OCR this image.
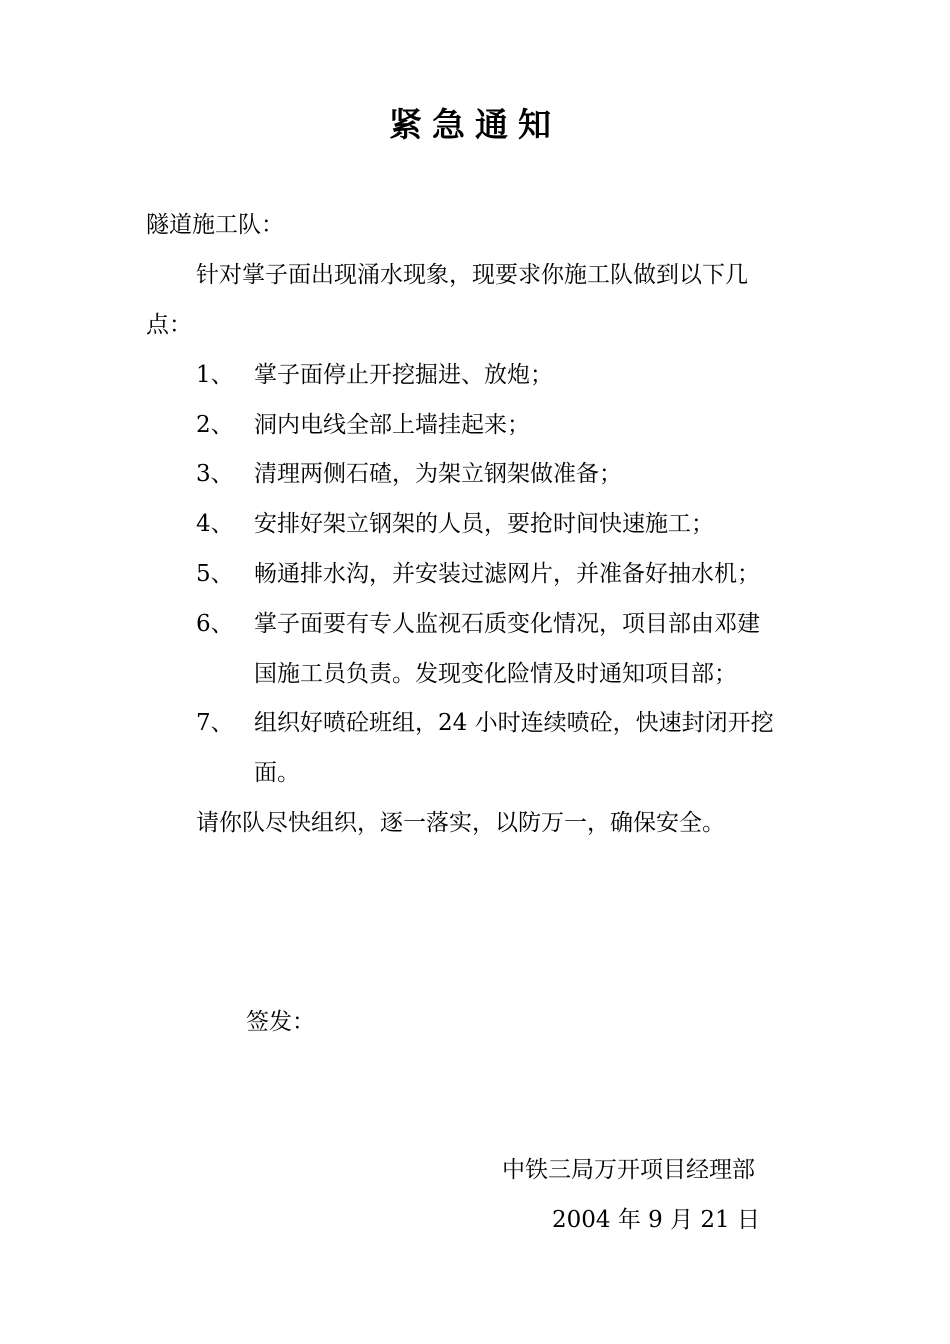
紧急通知
隧道施工队：
针对掌子面出现涌水现象，现要求你施工队做到以下几
点：
1、 掌子面停止开挖掘进、放炮；
2、 洞内电线全部上墙挂起来；
3、 清理两侧石碴，为架立钢架做准备；
4、 安排好架立钢架的人员，要抢时间快速施工；
5、 畅通排水沟，并安装过滤网片，并准备好抽水机；
6、 掌子面要有专人监视石质变化情况，项目部由邓建
国施工员负责。发现变化险情及时通知项目部；
7、 组织好喷砼班组，24 小时连续喷砼，快速封闭开挖
面。
请你队尽快组织，逐一落实，以防万一，确保安全。
签发：
中铁三局万开项目经理部
2004 年 9 月 21 日
